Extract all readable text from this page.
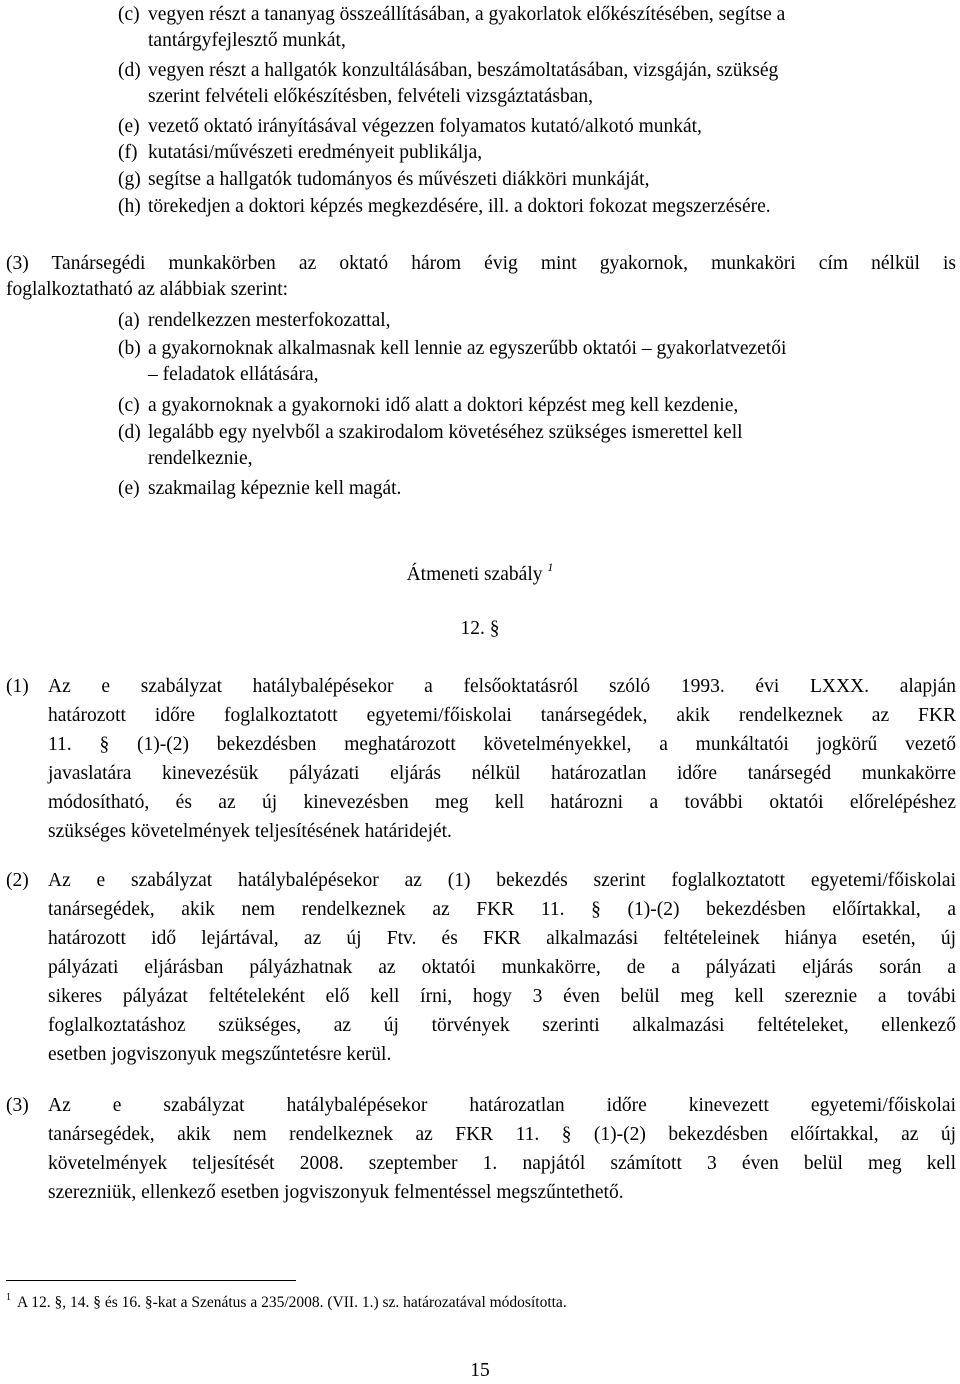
(c) vegyen részt a tananyag összeállításában, a gyakorlatok előkészítésében, segítse a
tantárgyfejlesztő munkát,
(d) vegyen részt a hallgatók konzultálásában, beszámoltatásában, vizsgáján, szükség
szerint felvételi előkészítésben, felvételi vizsgáztatásban,
(e) vezető oktató irányításával végezzen folyamatos kutató/alkotó munkát,
(f) kutatási/művészeti eredményeit publikálja,
(g) segítse a hallgatók tudományos és művészeti diákköri munkáját,
(h) törekedjen a doktori képzés megkezdésére, ill. a doktori fokozat megszerzésére.
(3) Tanársegédi munkakörben az oktató három évig mint gyakornok, munkaköri cím nélkül is
foglalkoztatható az alábbiak szerint:
(a) rendelkezzen mesterfokozattal,
(b) a gyakornoknak alkalmasnak kell lennie az egyszerűbb oktatói – gyakorlatvezetői
– feladatok ellátására,
(c) a gyakornoknak a gyakornoki idő alatt a doktori képzést meg kell kezdenie,
(d) legalább egy nyelvből a szakirodalom követéséhez szükséges ismerettel kell
rendelkeznie,
(e) szakmailag képeznie kell magát.
Átmeneti szabály $^1$
12. §
(1) Az e szabályzat hatálybalépésekor a felsőoktatásról szóló 1993. évi LXXX. alapján
határozott időre foglalkoztatott egyetemi/főiskolai tanársegédek, akik rendelkeznek az FKR
11. § (1)-(2) bekezdésben meghatározott követelményekkel, a munkáltatói jogkörű vezető
javaslatára kinevezésük pályázati eljárás nélkül határozatlan időre tanársegéd munkakörre
módosítható, és az új kinevezésben meg kell határozni a további oktatói előrelépéshez
szükséges követelmények teljesítésének határidejét.
(2) Az e szabályzat hatálybalépésekor az (1) bekezdés szerint foglalkoztatott egyetemi/főiskolai
tanársegédek, akik nem rendelkeznek az FKR 11. § (1)-(2) bekezdésben előírtakkal, a
határozott idő lejártával, az új Ftv. és FKR alkalmazási feltételeinek hiánya esetén, új
pályázati eljárásban pályázhatnak az oktatói munkakörre, de a pályázati eljárás során a
sikeres pályázat feltételeként elő kell írni, hogy 3 éven belül meg kell szereznie a továbi
foglalkoztatáshoz szükséges, az új törvények szerinti alkalmazási feltételeket, ellenkező
esetben jogviszonyuk megszűntetésre kerül.
(3) Az e szabályzat hatálybalépésekor határozatlan időre kinevezett egyetemi/főiskolai
tanársegédek, akik nem rendelkeznek az FKR 11. § (1)-(2) bekezdésben előírtakkal, az új
követelmények teljesítését 2008. szeptember 1. napjától számított 3 éven belül meg kell
szerezniük, ellenkező esetben jogviszonyuk felmentéssel megszűntethető.
$^1$ A 12. §, 14. § és 16. §-kat a Szenátus a 235/2008. (VII. 1.) sz. határozatával módosította.
15
